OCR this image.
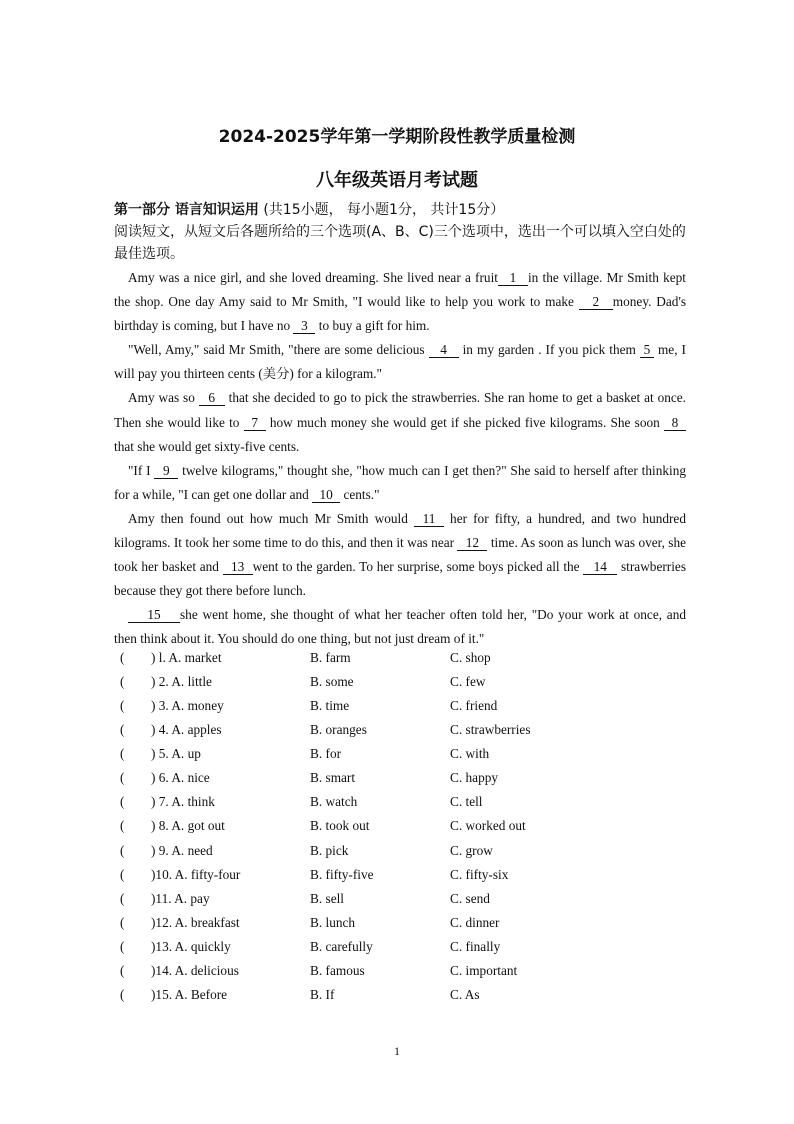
2024-2025学年第一学期阶段性教学质量检测
八年级英语月考试题
第一部分 语言知识运用 (共15小题， 每小题1分， 共计15分）
阅读短文，从短文后各题所给的三个选项(A、B、C)三个选项中，选出一个可以填入空白处的最佳选项。

Amy was a nice girl, and she loved dreaming. She lived near a fruit 1 in the village. Mr Smith kept the shop. One day Amy said to Mr Smith, "I would like to help you work to make 2 money. Dad's birthday is coming, but I have no 3 to buy a gift for him.

"Well, Amy," said Mr Smith, "there are some delicious 4 in my garden . If you pick them 5 me, I will pay you thirteen cents (美分) for a kilogram."

Amy was so 6 that she decided to go to pick the strawberries. She ran home to get a basket at once. Then she would like to 7 how much money she would get if she picked five kilograms. She soon 8 that she would get sixty-five cents.

"If I 9 twelve kilograms," thought she, "how much can I get then?" She said to herself after thinking for a while, "I can get one dollar and 10 cents."

Amy then found out how much Mr Smith would 11 her for fifty, a hundred, and two hundred kilograms. It took her some time to do this, and then it was near 12 time. As soon as lunch was over, she took her basket and 13 went to the garden. To her surprise, some boys picked all the 14 strawberries because they got there before lunch.

15 she went home, she thought of what her teacher often told her, "Do your work at once, and then think about it. You should do one thing, but not just dream of it."

( ) l. A. market	B. farm	C. shop
( ) 2. A. little	B. some	C. few
( ) 3. A. money	B. time	C. friend
( ) 4. A. apples	B. oranges	C. strawberries
( ) 5. A. up	B. for	C. with
( ) 6. A. nice	B. smart	C. happy
( ) 7. A. think	B. watch	C. tell
( ) 8. A. got out	B. took out	C. worked out
( ) 9. A. need	B. pick	C. grow
( )10. A. fifty-four	B. fifty-five	C. fifty-six
( )11. A. pay	B. sell	C. send
( )12. A. breakfast	B. lunch	C. dinner
( )13. A. quickly	B. carefully	C. finally
( )14. A. delicious	B. famous	C. important
( )15. A. Before	B. If	C. As
1
